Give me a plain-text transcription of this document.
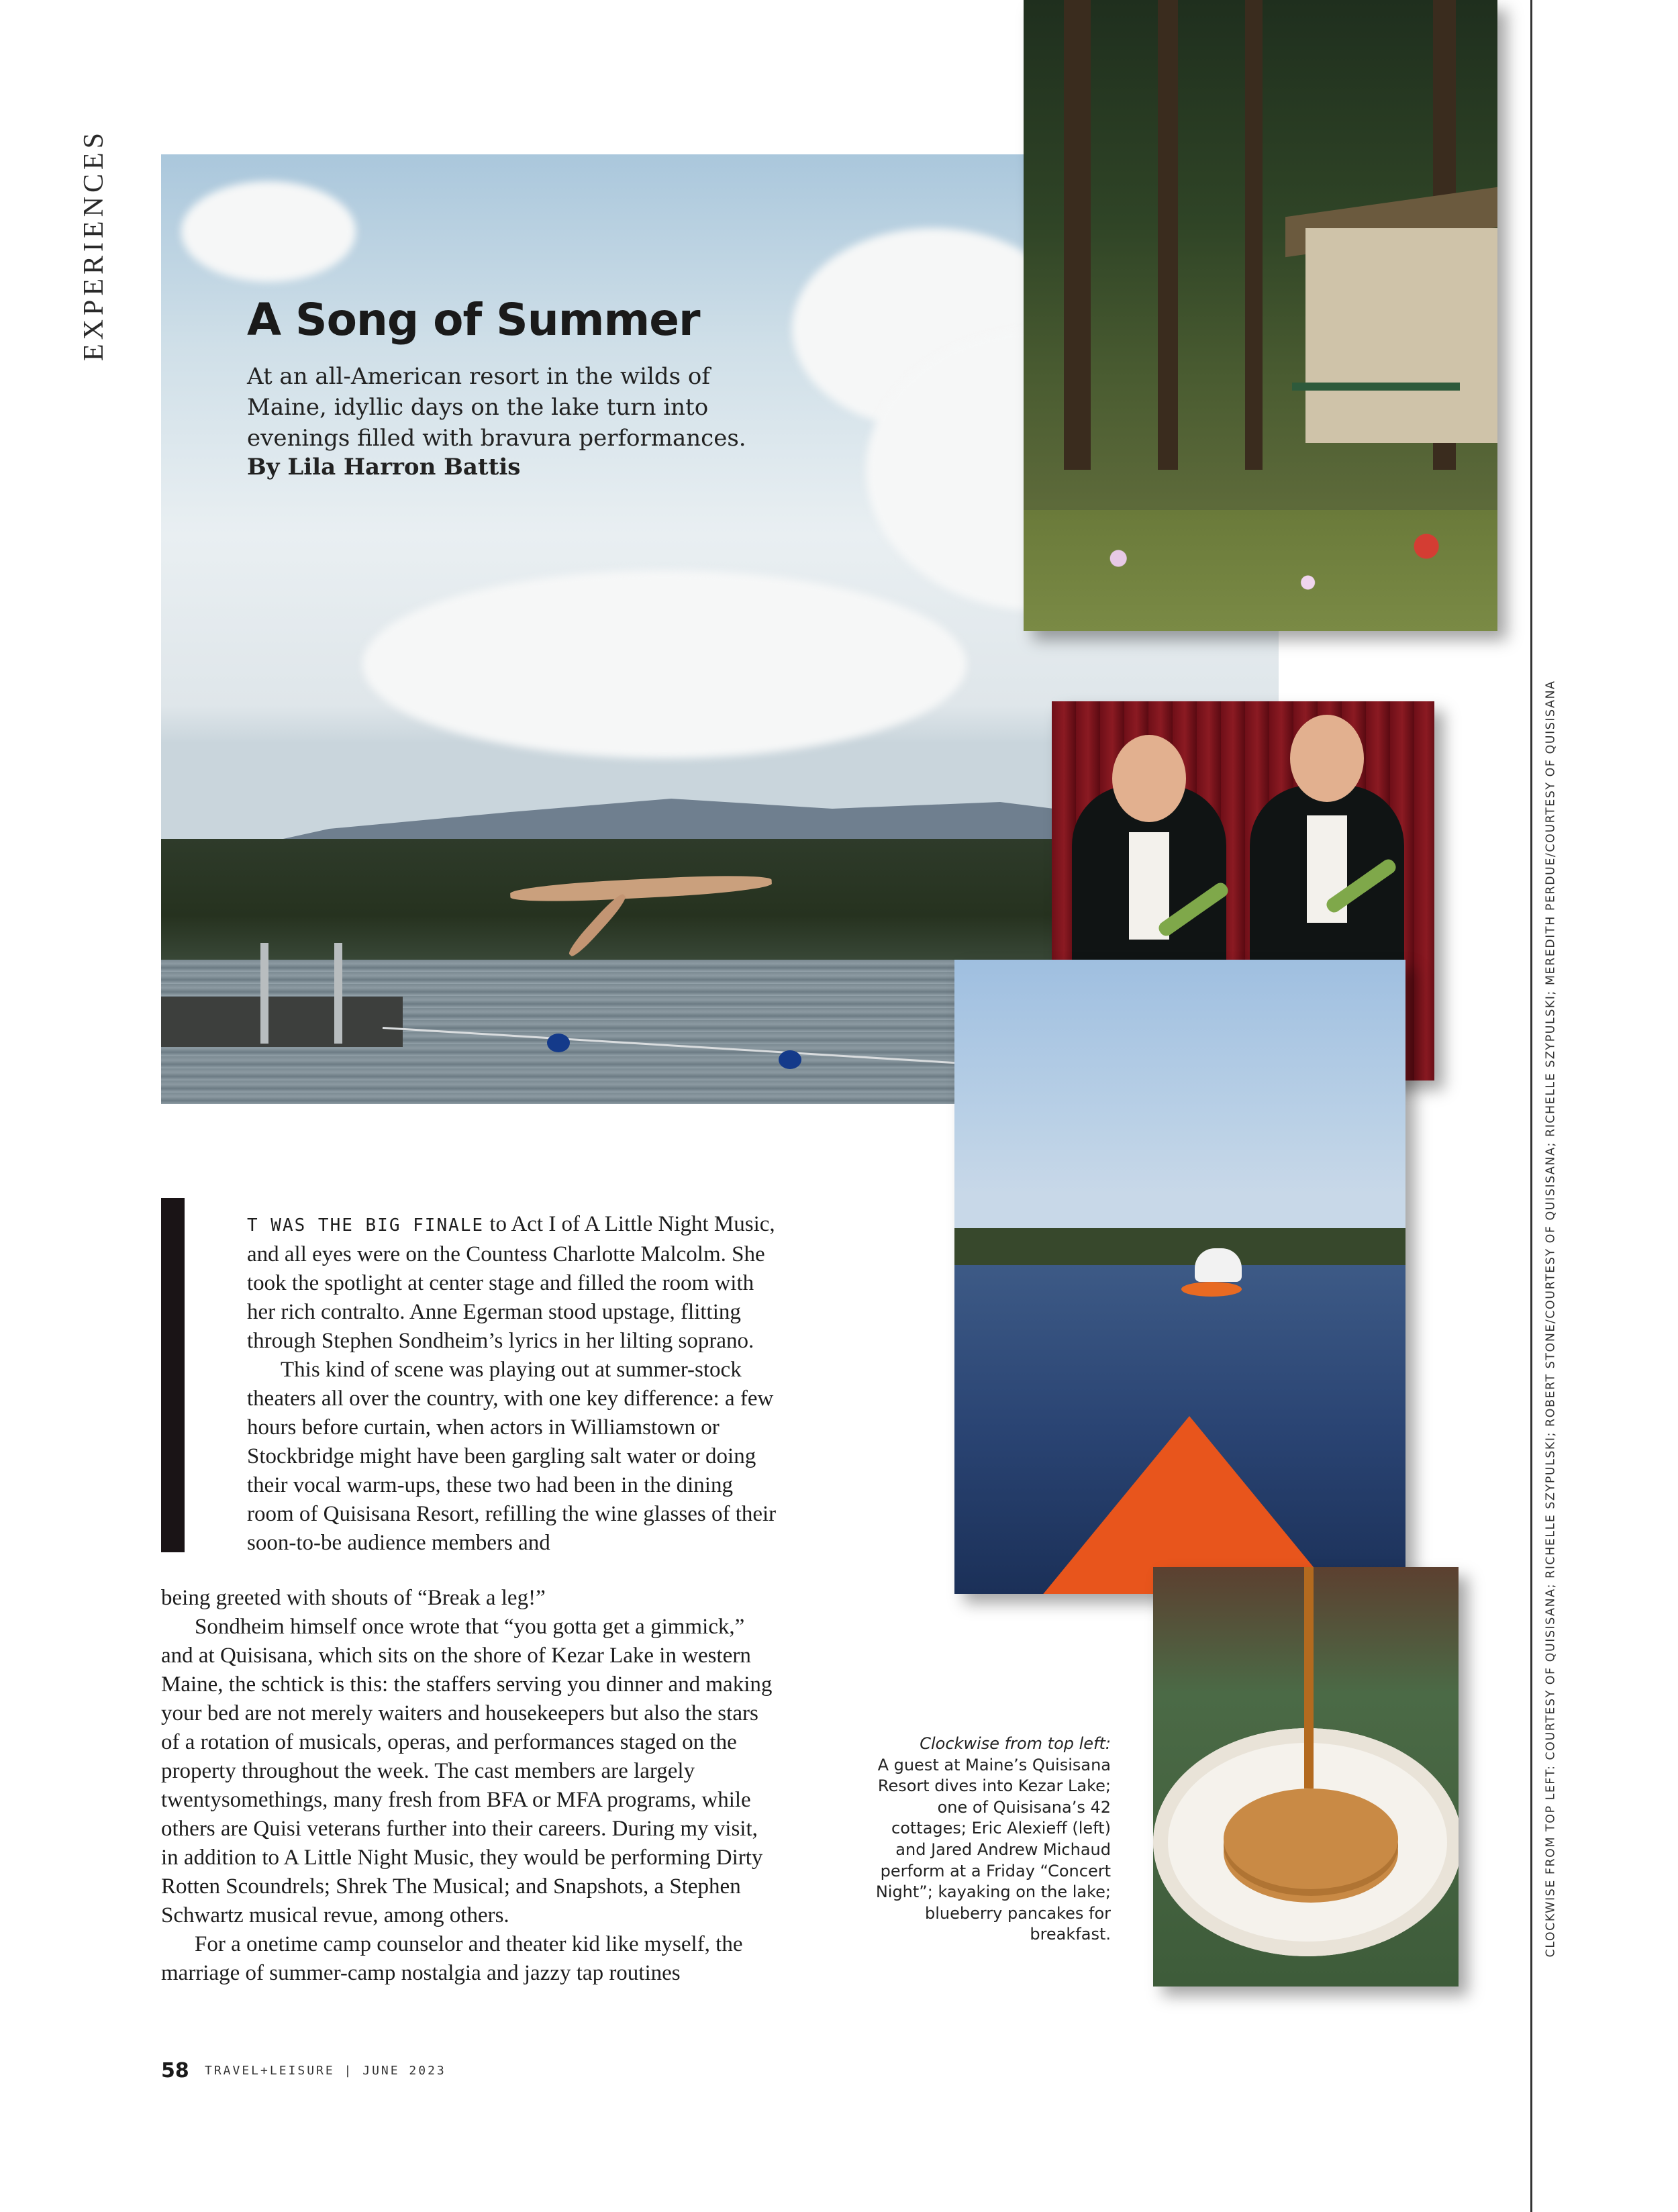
EXPERIENCES	A Song of Summer

At an all-American resort in the wilds of Maine, idyllic days on the lake turn into evenings filled with bravura performances.

By Lila Harron Battis

T WAS THE BIG FINALE to Act I of A Little Night Music, and all eyes were on the Countess Charlotte Malcolm. She took the spotlight at center stage and filled the room with her rich contralto. Anne Egerman stood upstage, flitting through Stephen Sondheim’s lyrics in her lilting soprano.
This kind of scene was playing out at summer-stock theaters all over the country, with one key difference: a few hours before curtain, when actors in Williamstown or Stockbridge might have been gargling salt water or doing their vocal warm-ups, these two had been in the dining room of Quisisana Resort, refilling the wine glasses of their soon-to-be audience members and
being greeted with shouts of “Break a leg!”
Sondheim himself once wrote that “you gotta get a gimmick,” and at Quisisana, which sits on the shore of Kezar Lake in western Maine, the schtick is this: the staffers serving you dinner and making your bed are not merely waiters and housekeepers but also the stars of a rotation of musicals, operas, and performances staged on the property throughout the week. The cast members are largely twentysomethings, many fresh from BFA or MFA programs, while others are Quisi veterans further into their careers. During my visit, in addition to A Little Night Music, they would be performing Dirty Rotten Scoundrels; Shrek The Musical; and Snapshots, a Stephen Schwartz musical revue, among others.
For a onetime camp counselor and theater kid like myself, the marriage of summer-camp nostalgia and jazzy tap routines

Clockwise from top left:
A guest at Maine’s Quisisana Resort dives into Kezar Lake; one of Quisisana’s 42 cottages; Eric Alexieff (left) and Jared Andrew Michaud perform at a Friday “Concert Night”; kayaking on the lake; blueberry pancakes for breakfast.	CLOCKWISE FROM TOP LEFT: COURTESY OF QUISISANA; RICHELLE SZYPULSKI; ROBERT STONE/COURTESY OF QUISISANA; RICHELLE SZYPULSKI; MEREDITH PERDUE/COURTESY OF QUISISANA
58 TRAVEL+LEISURE | JUNE 2023
